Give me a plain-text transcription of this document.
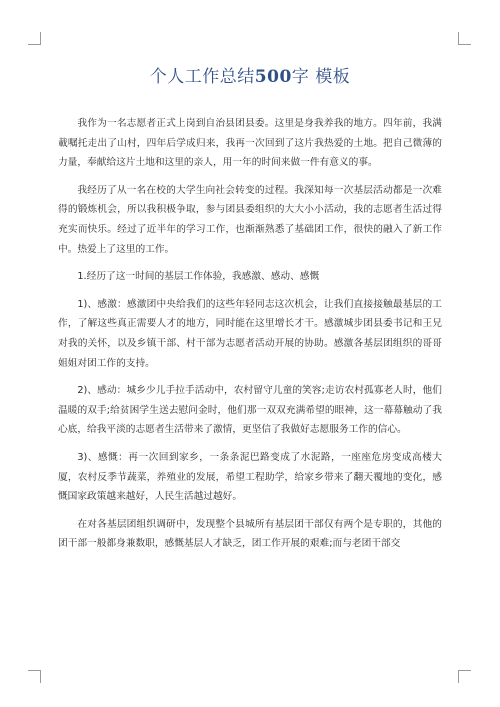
个人工作总结500字 模板

我作为一名志愿者正式上岗到自治县团县委。这里是身我养我的地方。四年前，我满載嘱托走出了山村，四年后学成归来，我再一次回到了这片我热爱的土地。把自己微薄的力量，奉献给这片土地和这里的亲人，用一年的时间来做一件有意义的事。

我经历了从一名在校的大学生向社会转变的过程。我深知每一次基层活动都是一次难得的锻炼机会，所以我积极争取，参与团县委组织的大大小小活动，我的志愿者生活过得充实而快乐。经过了近半年的学习工作，也渐渐熟悉了基础团工作，很快的融入了新工作中。热爱上了这里的工作。

1.经历了这一时间的基层工作体验，我感激、感动、感慨

1)、感激：感激团中央给我们的这些年轻同志这次机会，让我们直接接触最基层的工作，了解这些真正需要人才的地方，同时能在这里增长才干。感激城步团县委书记和王兄对我的关怀，以及乡镇干部、村干部为志愿者活动开展的协助。感激各基层团组织的哥哥姐姐对团工作的支持。

2)、感动：城乡少儿手拉手活动中，农村留守儿童的笑容;走访农村孤寡老人时，他们温暖的双手;给贫困学生送去慰问金时，他们那一双双充满希望的眼神，这一幕幕触动了我心底，给我平淡的志愿者生活带来了激情，更坚信了我做好志愿服务工作的信心。

3)、感慨：再一次回到家乡，一条条泥巴路变成了水泥路，一座座危房变成高楼大厦，农村反季节蔬菜，养殖业的发展，希望工程助学，给家乡带来了翻天覆地的变化，感慨国家政策越来越好，人民生活越过越好。

在对各基层团组织调研中，发现整个县城所有基层团干部仅有两个是专职的，其他的团干部一般都身兼数职，感慨基层人才缺乏，团工作开展的艰难;而与老团干部交
